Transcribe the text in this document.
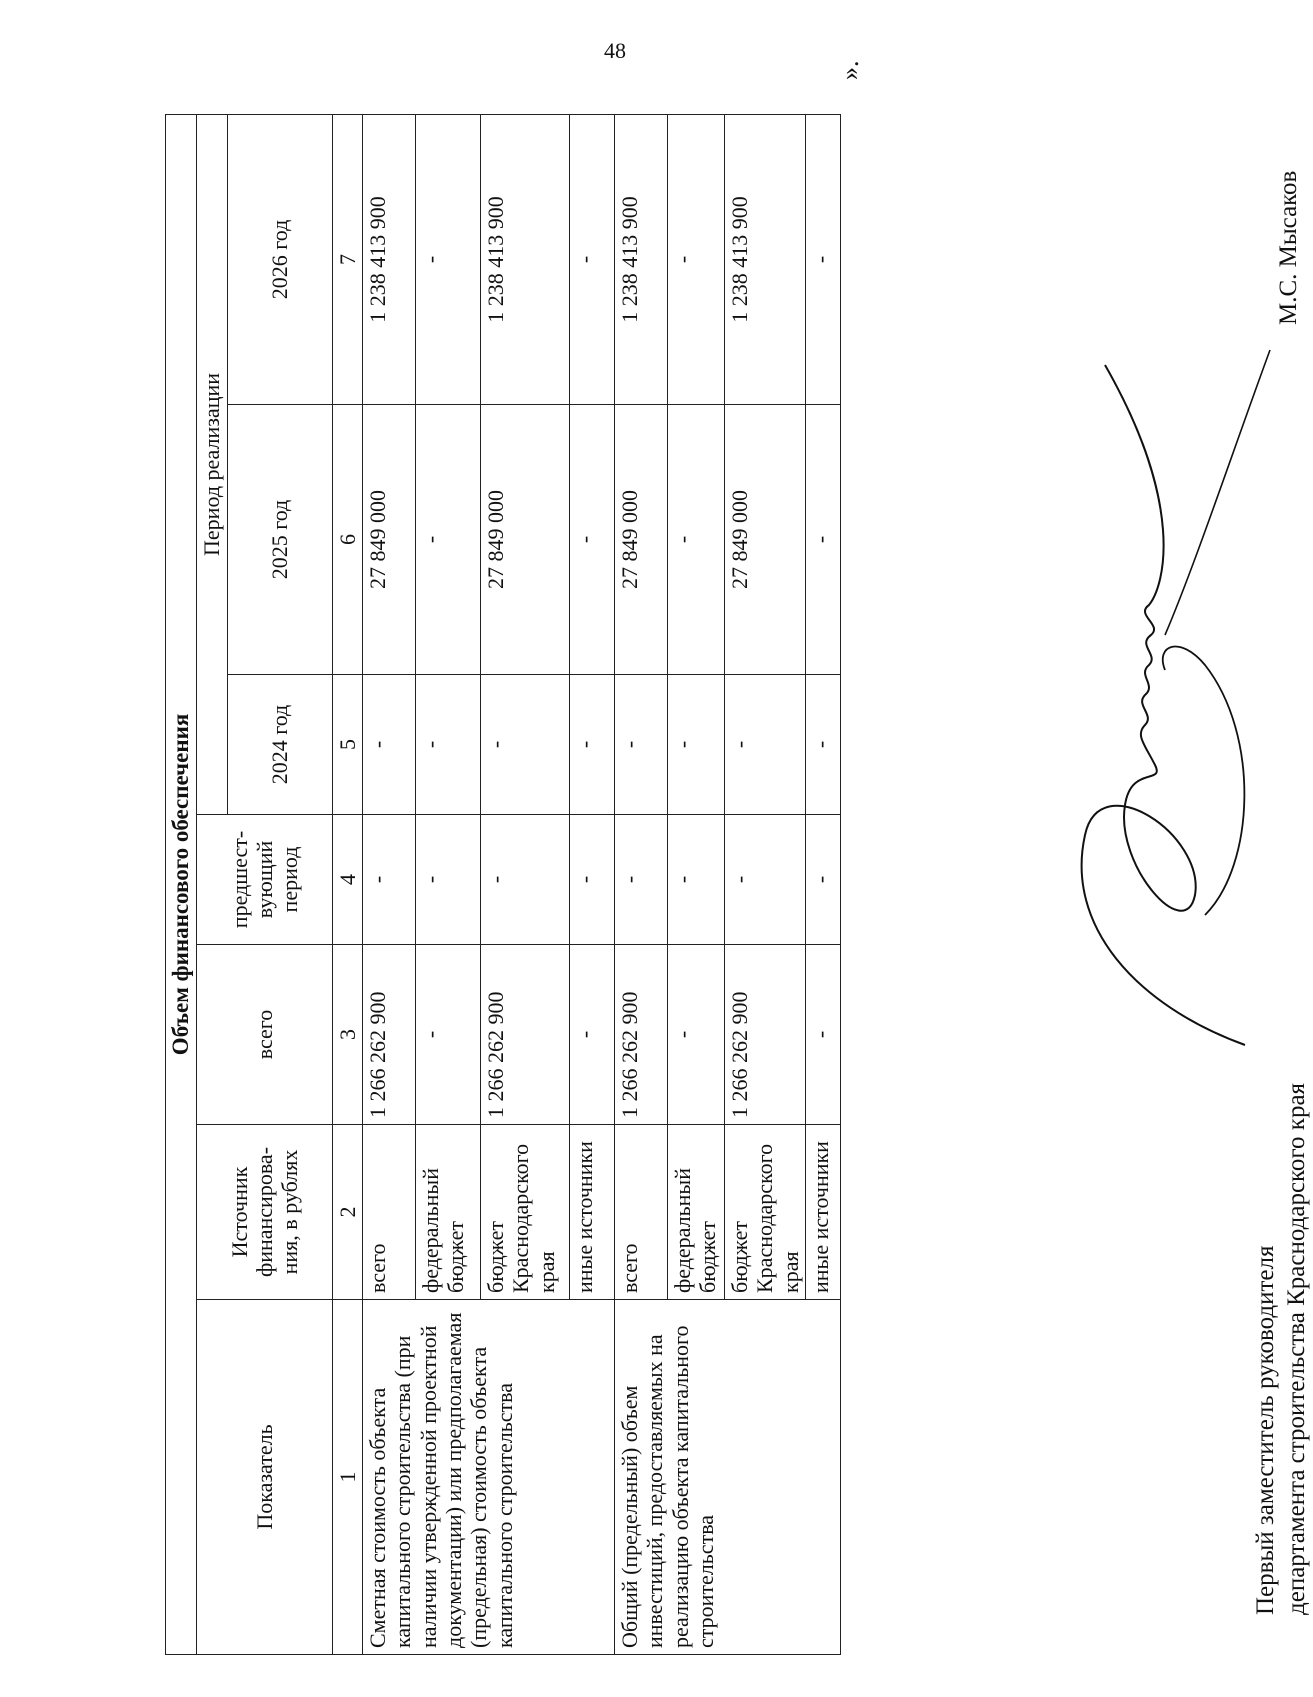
48
Объем финансового обеспечения						
Показатель	Источник финансирова-ния, в рублях	всего	предшест-вующий период	Период реализации		
				2024 год	2025 год	2026 год
1	2	3	4	5	6	7
Сметная стоимость объекта капитального строительства (при наличии утвержденной проектной документации) или предполагаемая (предельная) стоимость объекта капитального строительства	всего	1 266 262 900	-	-	27 849 000	1 238 413 900
	федеральный бюджет	-	-	-	-	-
	бюджет Краснодарского края	1 266 262 900	-	-	27 849 000	1 238 413 900
	иные источники	-	-	-	-	-
Общий (предельный) объем инвестиций, предоставляемых на реализацию объекта капитального строительства	всего	1 266 262 900	-	-	27 849 000	1 238 413 900
	федеральный бюджет	-	-	-	-	-
	бюджет Краснодарского края	1 266 262 900	-	-	27 849 000	1 238 413 900
	иные источники	-	-	-	-	-
».
Первый заместитель руководителя департамента строительства Краснодарского края
М.С. Мысаков
